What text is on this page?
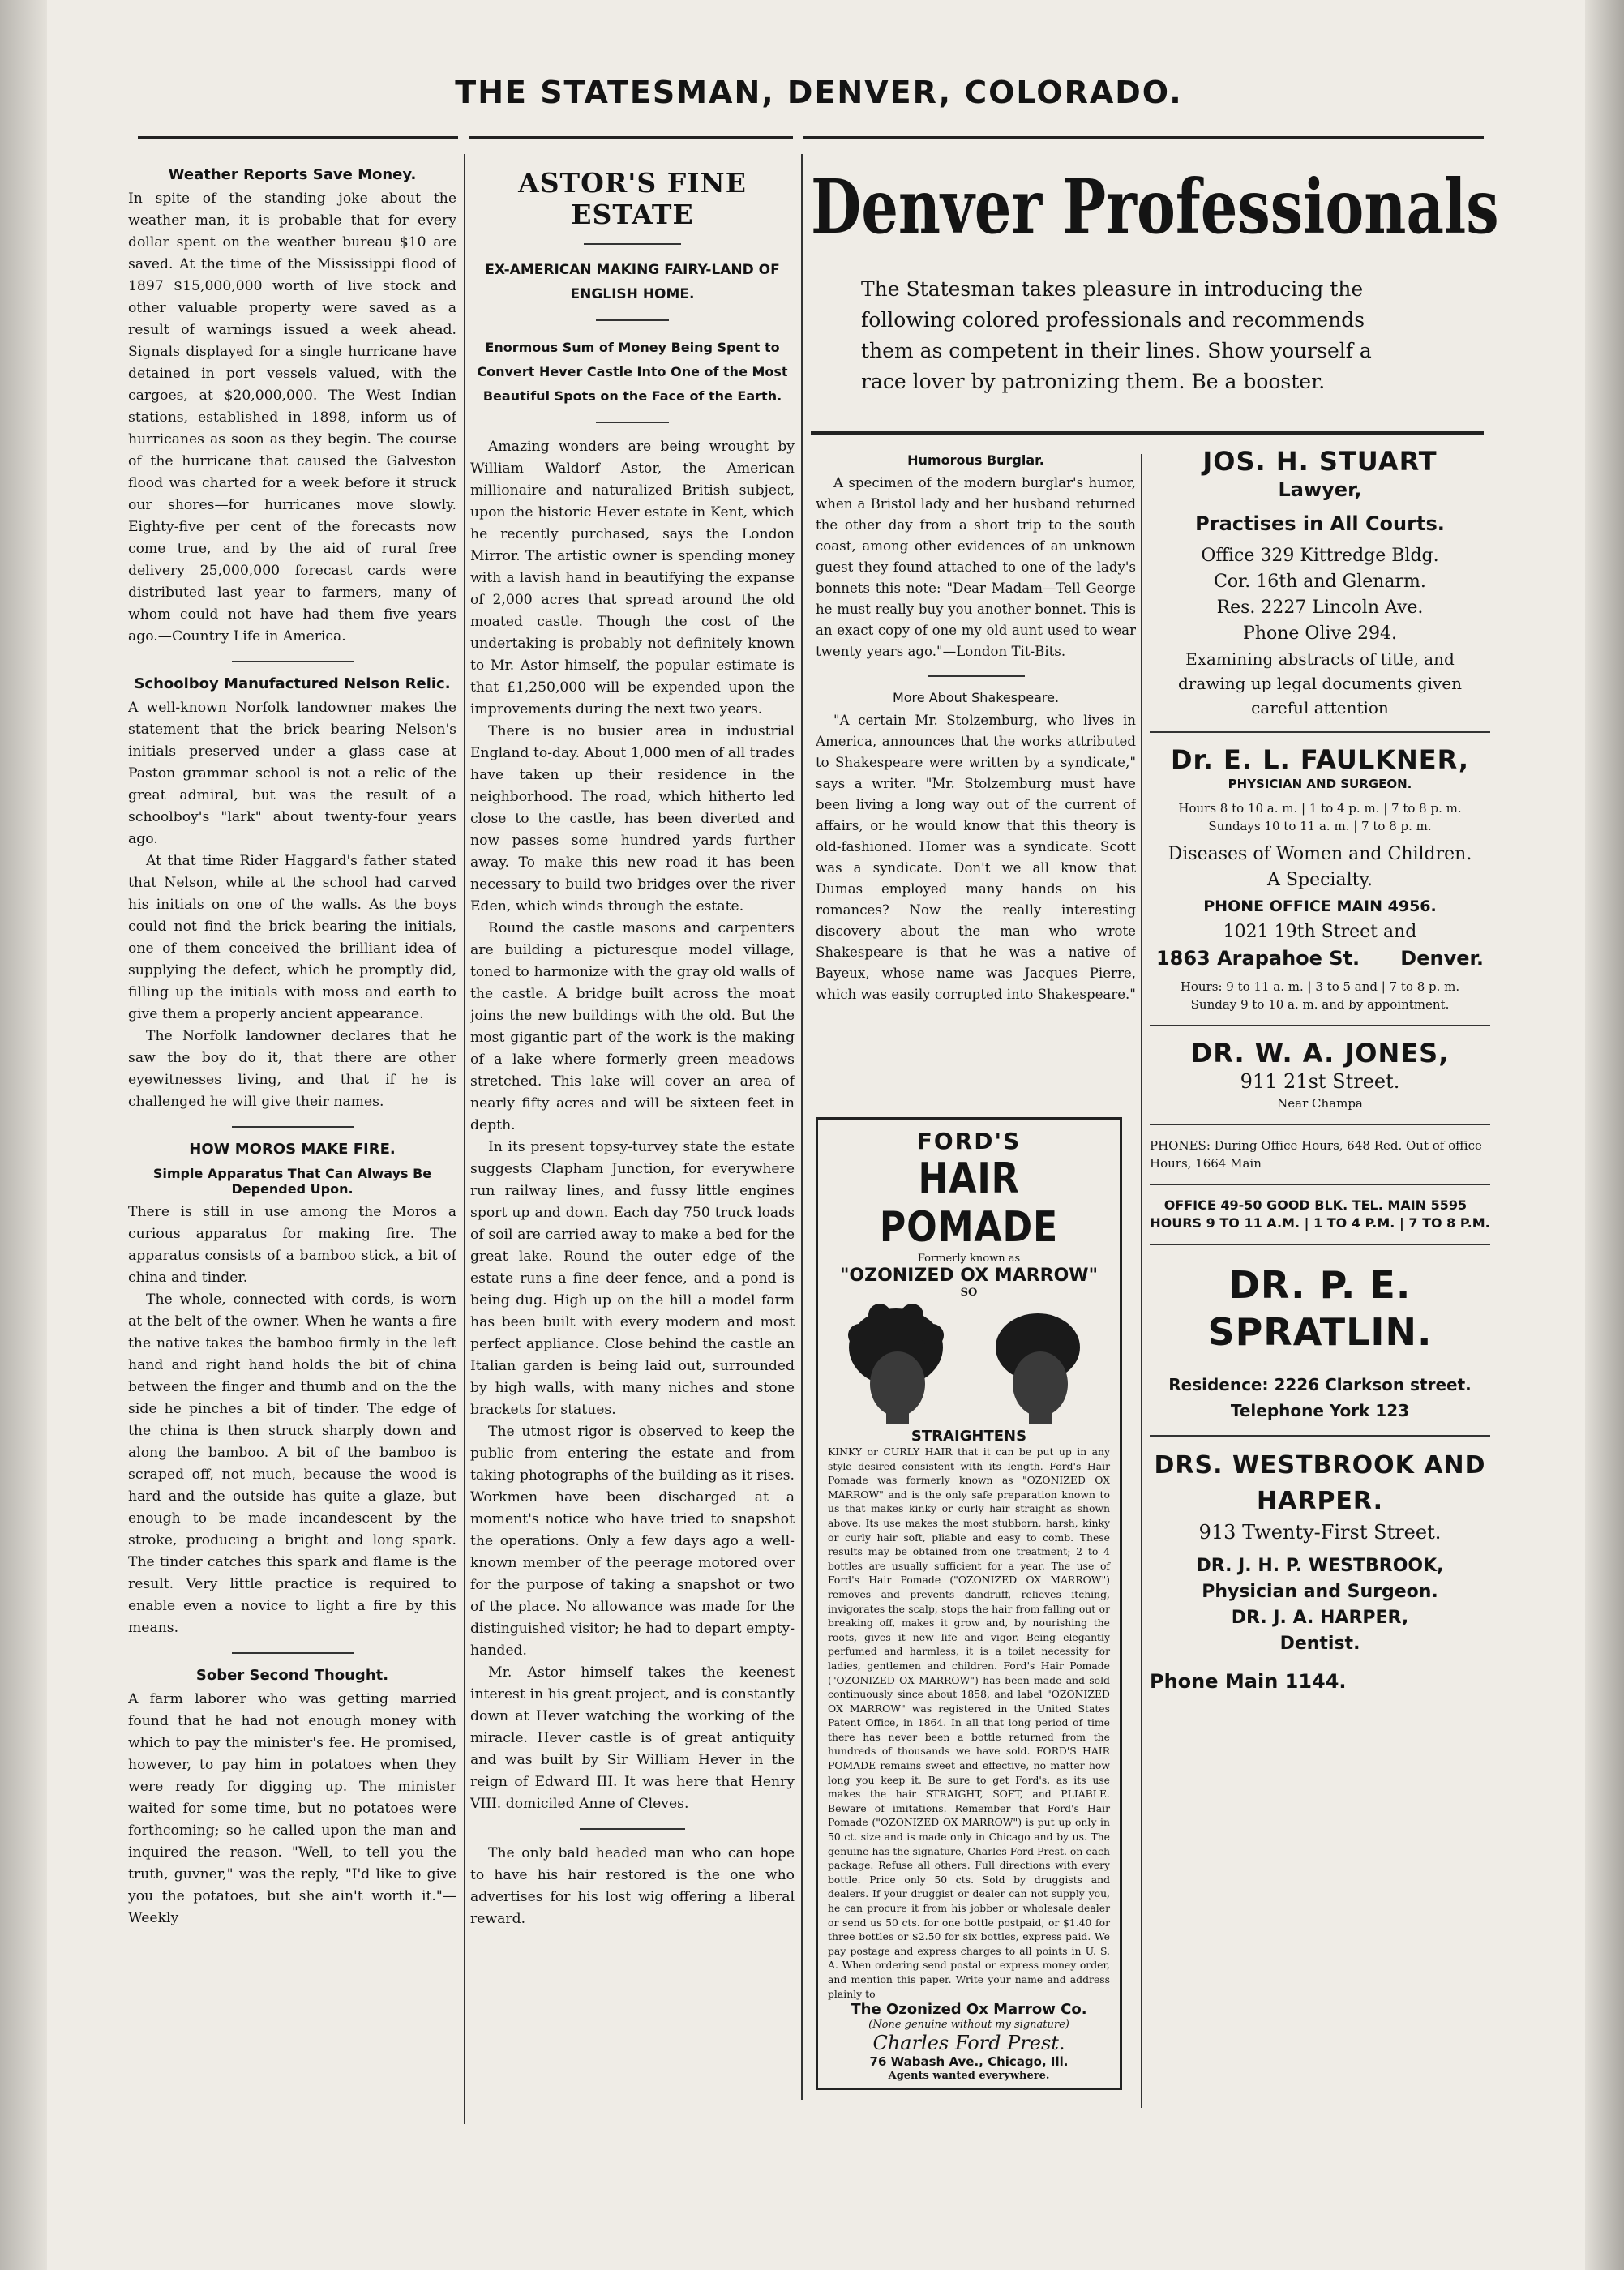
THE STATESMAN, DENVER, COLORADO.
Weather Reports Save Money.

In spite of the standing joke about the weather man, it is probable that for every dollar spent on the weather bureau $10 are saved. At the time of the Mississippi flood of 1897 $15,000,000 worth of live stock and other valuable property were saved as a result of warnings issued a week ahead. Signals displayed for a single hurricane have detained in port vessels valued, with the cargoes, at $20,000,000. The West Indian stations, established in 1898, inform us of hurricanes as soon as they begin. The course of the hurricane that caused the Galveston flood was charted for a week before it struck our shores—for hurricanes move slowly. Eighty-five per cent of the forecasts now come true, and by the aid of rural free delivery 25,000,000 forecast cards were distributed last year to farmers, many of whom could not have had them five years ago.—Country Life in America.

Schoolboy Manufactured Nelson Relic.

A well-known Norfolk landowner makes the statement that the brick bearing Nelson's initials preserved under a glass case at Paston grammar school is not a relic of the great admiral, but was the result of a schoolboy's "lark" about twenty-four years ago.

At that time Rider Haggard's father stated that Nelson, while at the school had carved his initials on one of the walls. As the boys could not find the brick bearing the initials, one of them conceived the brilliant idea of supplying the defect, which he promptly did, filling up the initials with moss and earth to give them a properly ancient appearance.

The Norfolk landowner declares that he saw the boy do it, that there are other eyewitnesses living, and that if he is challenged he will give their names.

HOW MOROS MAKE FIRE.
Simple Apparatus That Can Always Be Depended Upon.

There is still in use among the Moros a curious apparatus for making fire. The apparatus consists of a bamboo stick, a bit of china and tinder.

The whole, connected with cords, is worn at the belt of the owner. When he wants a fire the native takes the bamboo firmly in the left hand and right hand holds the bit of china between the finger and thumb and on the the side he pinches a bit of tinder. The edge of the china is then struck sharply down and along the bamboo. A bit of the bamboo is scraped off, not much, because the wood is hard and the outside has quite a glaze, but enough to be made incandescent by the stroke, producing a bright and long spark. The tinder catches this spark and flame is the result. Very little practice is required to enable even a novice to light a fire by this means.

Sober Second Thought.

A farm laborer who was getting married found that he had not enough money with which to pay the minister's fee. He promised, however, to pay him in potatoes when they were ready for digging up. The minister waited for some time, but no potatoes were forthcoming; so he called upon the man and inquired the reason. "Well, to tell you the truth, guvner," was the reply, "I'd like to give you the potatoes, but she ain't worth it."—Weekly

ASTOR'S FINE ESTATE
EX-AMERICAN MAKING FAIRY-LAND OF ENGLISH HOME.
Enormous Sum of Money Being Spent to Convert Hever Castle Into One of the Most Beautiful Spots on the Face of the Earth.

Amazing wonders are being wrought by William Waldorf Astor, the American millionaire and naturalized British subject, upon the historic Hever estate in Kent, which he recently purchased, says the London Mirror. The artistic owner is spending money with a lavish hand in beautifying the expanse of 2,000 acres that spread around the old moated castle. Though the cost of the undertaking is probably not definitely known to Mr. Astor himself, the popular estimate is that £1,250,000 will be expended upon the improvements during the next two years.

There is no busier area in industrial England to-day. About 1,000 men of all trades have taken up their residence in the neighborhood. The road, which hitherto led close to the castle, has been diverted and now passes some hundred yards further away. To make this new road it has been necessary to build two bridges over the river Eden, which winds through the estate.

Round the castle masons and carpenters are building a picturesque model village, toned to harmonize with the gray old walls of the castle. A bridge built across the moat joins the new buildings with the old. But the most gigantic part of the work is the making of a lake where formerly green meadows stretched. This lake will cover an area of nearly fifty acres and will be sixteen feet in depth.

In its present topsy-turvey state the estate suggests Clapham Junction, for everywhere run railway lines, and fussy little engines sport up and down. Each day 750 truck loads of soil are carried away to make a bed for the great lake. Round the outer edge of the estate runs a fine deer fence, and a pond is being dug. High up on the hill a model farm has been built with every modern and most perfect appliance. Close behind the castle an Italian garden is being laid out, surrounded by high walls, with many niches and stone brackets for statues.

The utmost rigor is observed to keep the public from entering the estate and from taking photographs of the building as it rises. Workmen have been discharged at a moment's notice who have tried to snapshot the operations. Only a few days ago a well-known member of the peerage motored over for the purpose of taking a snapshot or two of the place. No allowance was made for the distinguished visitor; he had to depart empty-handed.

Mr. Astor himself takes the keenest interest in his great project, and is constantly down at Hever watching the working of the miracle. Hever castle is of great antiquity and was built by Sir William Hever in the reign of Edward III. It was here that Henry VIII. domiciled Anne of Cleves.

The only bald headed man who can hope to have his hair restored is the one who advertises for his lost wig offering a liberal reward.

Denver Professionals
The Statesman takes pleasure in introducing the following colored professionals and recommends them as competent in their lines. Show yourself a race lover by patronizing them. Be a booster.
Humorous Burglar.

A specimen of the modern burglar's humor, when a Bristol lady and her husband returned the other day from a short trip to the south coast, among other evidences of an unknown guest they found attached to one of the lady's bonnets this note: "Dear Madam—Tell George he must really buy you another bonnet. This is an exact copy of one my old aunt used to wear twenty years ago."—London Tit-Bits.

More About Shakespeare.

"A certain Mr. Stolzemburg, who lives in America, announces that the works attributed to Shakespeare were written by a syndicate," says a writer. "Mr. Stolzemburg must have been living a long way out of the current of affairs, or he would know that this theory is old-fashioned. Homer was a syndicate. Scott was a syndicate. Don't we all know that Dumas employed many hands on his romances? Now the really interesting discovery about the man who wrote Shakespeare is that he was a native of Bayeux, whose name was Jacques Pierre, which was easily corrupted into Shakespeare."

FORD'S
HAIR POMADE
Formerly known as
"OZONIZED OX MARROW"
SO
STRAIGHTENS
KINKY or CURLY HAIR that it can be put up in any style desired consistent with its length. Ford's Hair Pomade was formerly known as "OZONIZED OX MARROW" and is the only safe preparation known to us that makes kinky or curly hair straight as shown above. Its use makes the most stubborn, harsh, kinky or curly hair soft, pliable and easy to comb. These results may be obtained from one treatment; 2 to 4 bottles are usually sufficient for a year. The use of Ford's Hair Pomade ("OZONIZED OX MARROW") removes and prevents dandruff, relieves itching, invigorates the scalp, stops the hair from falling out or breaking off, makes it grow and, by nourishing the roots, gives it new life and vigor. Being elegantly perfumed and harmless, it is a toilet necessity for ladies, gentlemen and children. Ford's Hair Pomade ("OZONIZED OX MARROW") has been made and sold continuously since about 1858, and label "OZONIZED OX MARROW" was registered in the United States Patent Office, in 1864. In all that long period of time there has never been a bottle returned from the hundreds of thousands we have sold. FORD'S HAIR POMADE remains sweet and effective, no matter how long you keep it. Be sure to get Ford's, as its use makes the hair STRAIGHT, SOFT, and PLIABLE. Beware of imitations. Remember that Ford's Hair Pomade ("OZONIZED OX MARROW") is put up only in 50 ct. size and is made only in Chicago and by us. The genuine has the signature, Charles Ford Prest. on each package. Refuse all others. Full directions with every bottle. Price only 50 cts. Sold by druggists and dealers. If your druggist or dealer can not supply you, he can procure it from his jobber or wholesale dealer or send us 50 cts. for one bottle postpaid, or $1.40 for three bottles or $2.50 for six bottles, express paid. We pay postage and express charges to all points in U. S. A. When ordering send postal or express money order, and mention this paper. Write your name and address plainly to
The Ozonized Ox Marrow Co.
(None genuine without my signature)
Charles Ford Prest.
76 Wabash Ave., Chicago, Ill.
Agents wanted everywhere.
JOS. H. STUART
Lawyer,
Practises in All Courts.
Office 329 Kittredge Bldg.
Cor. 16th and Glenarm.
Res. 2227 Lincoln Ave.
Phone Olive 294.
Examining abstracts of title, and drawing up legal documents given careful attention
Dr. E. L. FAULKNER,
PHYSICIAN AND SURGEON.
Hours 8 to 10 a. m. | 1 to 4 p. m. | 7 to 8 p. m.
Sundays 10 to 11 a. m. | 7 to 8 p. m.
Diseases of Women and Children.
A Specialty.
PHONE OFFICE MAIN 4956.
1021 19th Street and
1863 Arapahoe St. Denver.
Hours: 9 to 11 a. m. | 3 to 5 and | 7 to 8 p. m.
Sunday 9 to 10 a. m. and by appointment.
DR. W. A. JONES,
911 21st Street.
Near Champa
PHONES: During Office Hours, 648 Red. Out of office Hours, 1664 Main
OFFICE 49-50 GOOD BLK. TEL. MAIN 5595   HOURS 9 TO 11 A.M. | 1 TO 4 P.M. | 7 TO 8 P.M.
DR. P. E.
SPRATLIN.
Residence: 2226 Clarkson street.
Telephone York 123
DRS. WESTBROOK AND HARPER.
913 Twenty-First Street.
DR. J. H. P. WESTBROOK,
Physician and Surgeon.
DR. J. A. HARPER,
Dentist.
Phone Main 1144.
